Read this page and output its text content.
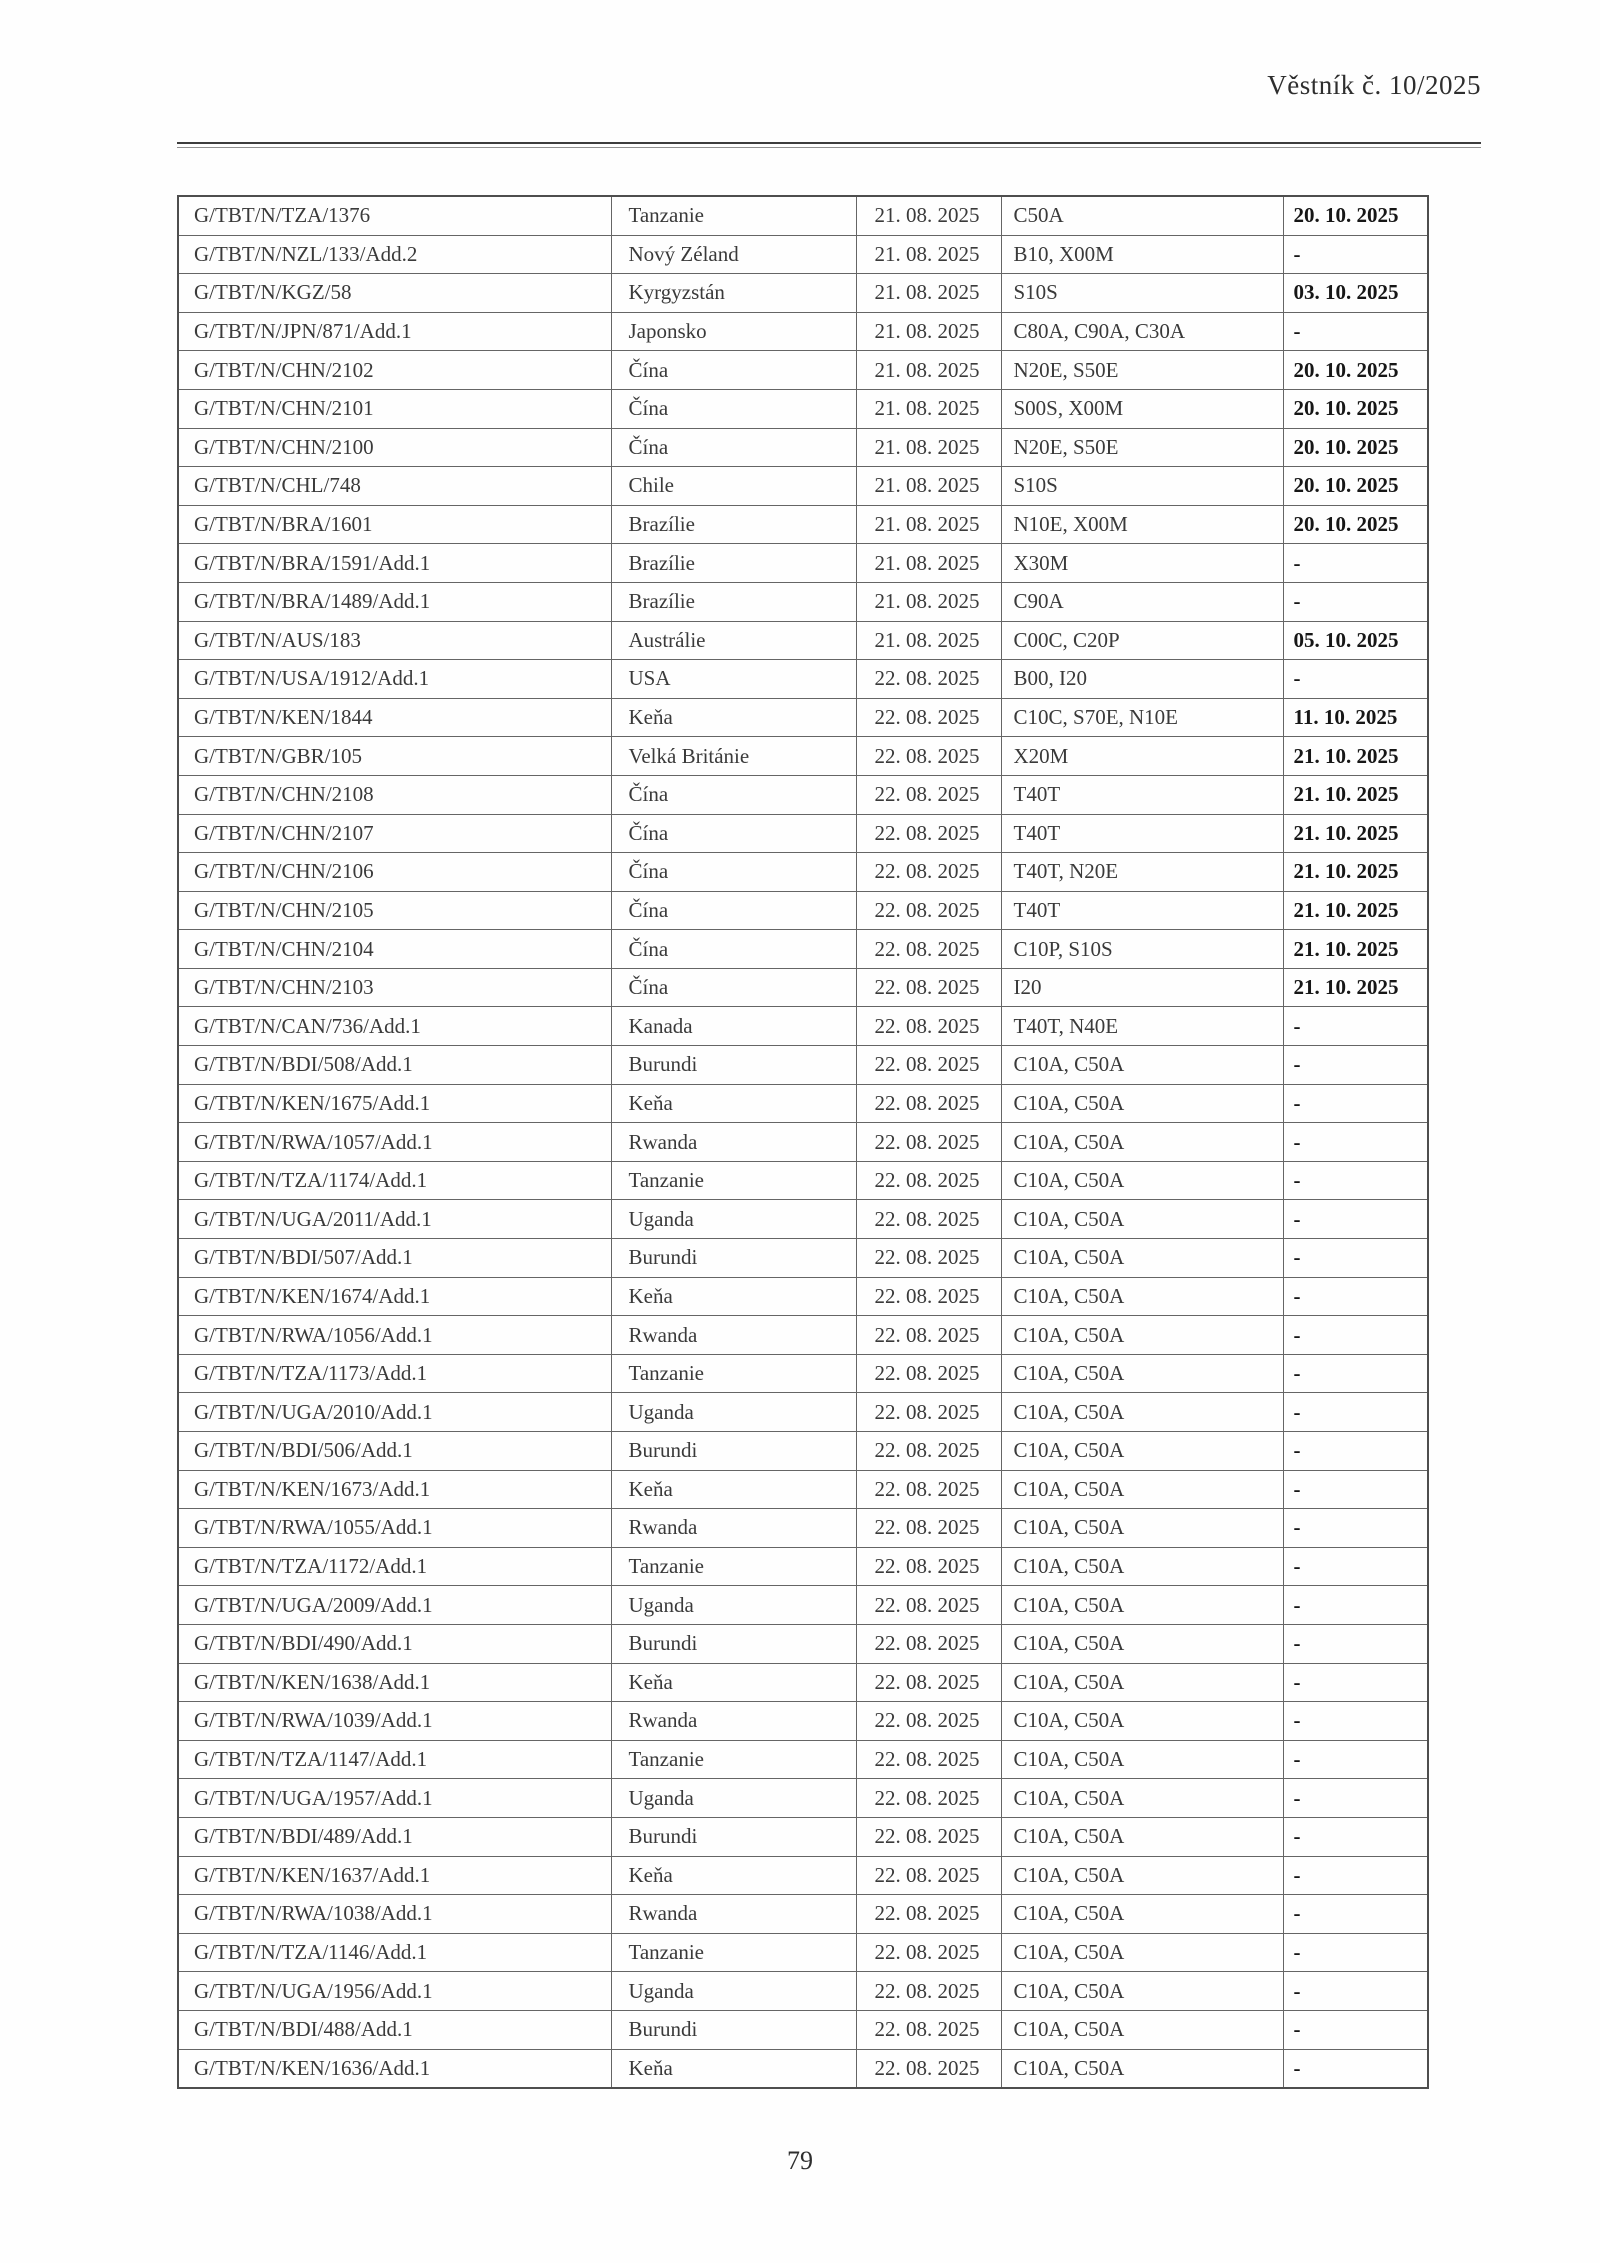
Věstník č. 10/2025
G/TBT/N/TZA/1376	Tanzanie	21. 08. 2025	C50A	20. 10. 2025
G/TBT/N/NZL/133/Add.2	Nový Zéland	21. 08. 2025	B10, X00M	-
G/TBT/N/KGZ/58	Kyrgyzstán	21. 08. 2025	S10S	03. 10. 2025
G/TBT/N/JPN/871/Add.1	Japonsko	21. 08. 2025	C80A, C90A, C30A	-
G/TBT/N/CHN/2102	Čína	21. 08. 2025	N20E, S50E	20. 10. 2025
G/TBT/N/CHN/2101	Čína	21. 08. 2025	S00S, X00M	20. 10. 2025
G/TBT/N/CHN/2100	Čína	21. 08. 2025	N20E, S50E	20. 10. 2025
G/TBT/N/CHL/748	Chile	21. 08. 2025	S10S	20. 10. 2025
G/TBT/N/BRA/1601	Brazílie	21. 08. 2025	N10E, X00M	20. 10. 2025
G/TBT/N/BRA/1591/Add.1	Brazílie	21. 08. 2025	X30M	-
G/TBT/N/BRA/1489/Add.1	Brazílie	21. 08. 2025	C90A	-
G/TBT/N/AUS/183	Austrálie	21. 08. 2025	C00C, C20P	05. 10. 2025
G/TBT/N/USA/1912/Add.1	USA	22. 08. 2025	B00, I20	-
G/TBT/N/KEN/1844	Keňa	22. 08. 2025	C10C, S70E, N10E	11. 10. 2025
G/TBT/N/GBR/105	Velká Británie	22. 08. 2025	X20M	21. 10. 2025
G/TBT/N/CHN/2108	Čína	22. 08. 2025	T40T	21. 10. 2025
G/TBT/N/CHN/2107	Čína	22. 08. 2025	T40T	21. 10. 2025
G/TBT/N/CHN/2106	Čína	22. 08. 2025	T40T, N20E	21. 10. 2025
G/TBT/N/CHN/2105	Čína	22. 08. 2025	T40T	21. 10. 2025
G/TBT/N/CHN/2104	Čína	22. 08. 2025	C10P, S10S	21. 10. 2025
G/TBT/N/CHN/2103	Čína	22. 08. 2025	I20	21. 10. 2025
G/TBT/N/CAN/736/Add.1	Kanada	22. 08. 2025	T40T, N40E	-
G/TBT/N/BDI/508/Add.1	Burundi	22. 08. 2025	C10A, C50A	-
G/TBT/N/KEN/1675/Add.1	Keňa	22. 08. 2025	C10A, C50A	-
G/TBT/N/RWA/1057/Add.1	Rwanda	22. 08. 2025	C10A, C50A	-
G/TBT/N/TZA/1174/Add.1	Tanzanie	22. 08. 2025	C10A, C50A	-
G/TBT/N/UGA/2011/Add.1	Uganda	22. 08. 2025	C10A, C50A	-
G/TBT/N/BDI/507/Add.1	Burundi	22. 08. 2025	C10A, C50A	-
G/TBT/N/KEN/1674/Add.1	Keňa	22. 08. 2025	C10A, C50A	-
G/TBT/N/RWA/1056/Add.1	Rwanda	22. 08. 2025	C10A, C50A	-
G/TBT/N/TZA/1173/Add.1	Tanzanie	22. 08. 2025	C10A, C50A	-
G/TBT/N/UGA/2010/Add.1	Uganda	22. 08. 2025	C10A, C50A	-
G/TBT/N/BDI/506/Add.1	Burundi	22. 08. 2025	C10A, C50A	-
G/TBT/N/KEN/1673/Add.1	Keňa	22. 08. 2025	C10A, C50A	-
G/TBT/N/RWA/1055/Add.1	Rwanda	22. 08. 2025	C10A, C50A	-
G/TBT/N/TZA/1172/Add.1	Tanzanie	22. 08. 2025	C10A, C50A	-
G/TBT/N/UGA/2009/Add.1	Uganda	22. 08. 2025	C10A, C50A	-
G/TBT/N/BDI/490/Add.1	Burundi	22. 08. 2025	C10A, C50A	-
G/TBT/N/KEN/1638/Add.1	Keňa	22. 08. 2025	C10A, C50A	-
G/TBT/N/RWA/1039/Add.1	Rwanda	22. 08. 2025	C10A, C50A	-
G/TBT/N/TZA/1147/Add.1	Tanzanie	22. 08. 2025	C10A, C50A	-
G/TBT/N/UGA/1957/Add.1	Uganda	22. 08. 2025	C10A, C50A	-
G/TBT/N/BDI/489/Add.1	Burundi	22. 08. 2025	C10A, C50A	-
G/TBT/N/KEN/1637/Add.1	Keňa	22. 08. 2025	C10A, C50A	-
G/TBT/N/RWA/1038/Add.1	Rwanda	22. 08. 2025	C10A, C50A	-
G/TBT/N/TZA/1146/Add.1	Tanzanie	22. 08. 2025	C10A, C50A	-
G/TBT/N/UGA/1956/Add.1	Uganda	22. 08. 2025	C10A, C50A	-
G/TBT/N/BDI/488/Add.1	Burundi	22. 08. 2025	C10A, C50A	-
G/TBT/N/KEN/1636/Add.1	Keňa	22. 08. 2025	C10A, C50A	-
79
